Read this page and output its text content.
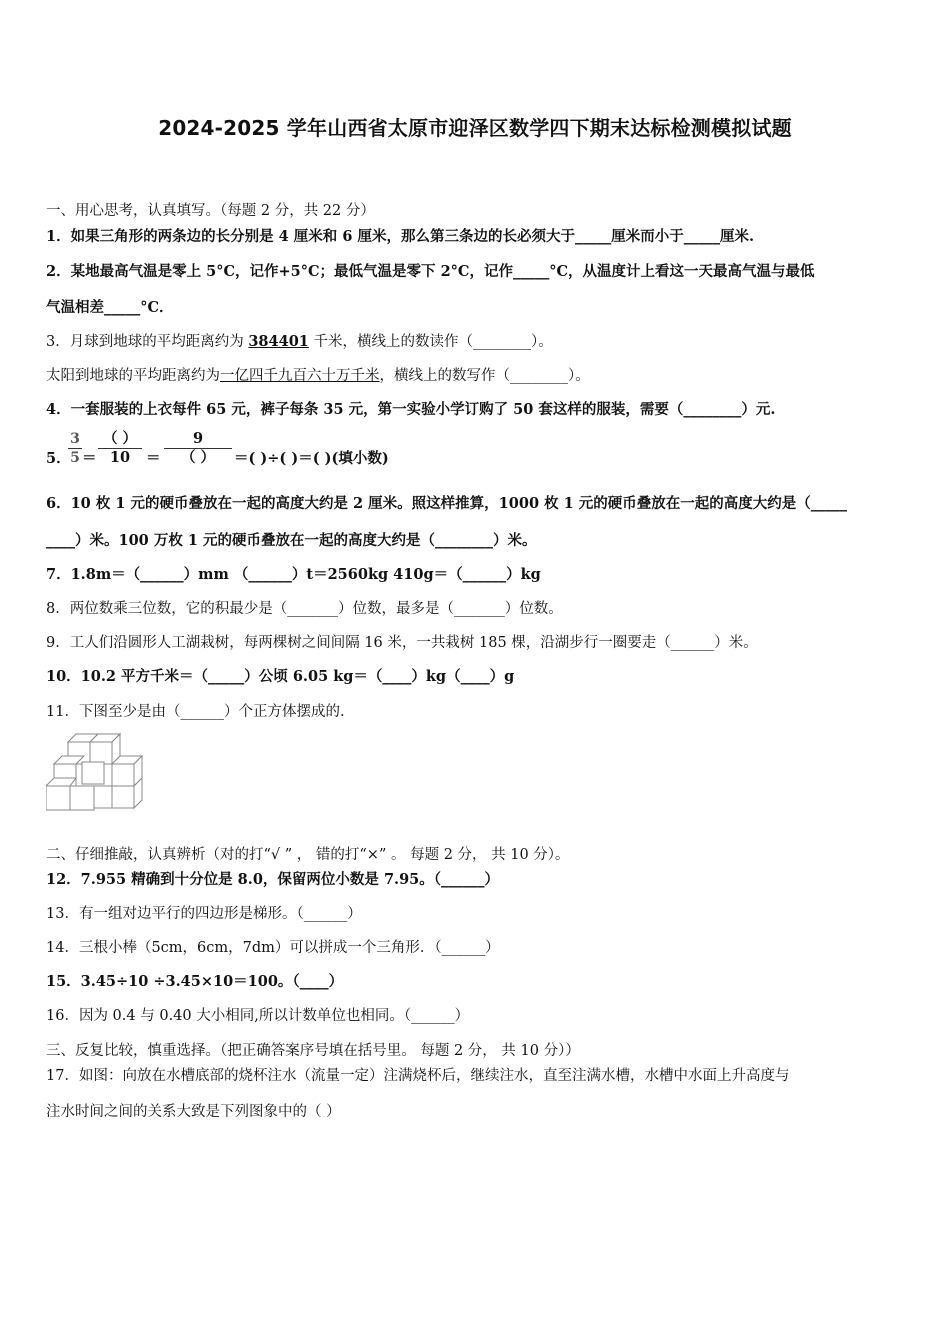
2024-2025 学年山西省太原市迎泽区数学四下期末达标检测模拟试题
一、用心思考，认真填写。（每题 2 分，共 22 分）
1．如果三角形的两条边的长分别是 4 厘米和 6 厘米，那么第三条边的长必须大于_____厘米而小于_____厘米.
2．某地最高气温是零上 5°C，记作+5°C；最低气温是零下 2°C，记作_____°C，从温度计上看这一天最高气温与最低
气温相差_____°C．
3．月球到地球的平均距离约为 384401 千米，横线上的数读作（________）。
太阳到地球的平均距离约为一亿四千九百六十万千米，横线上的数写作（________）。
4．一套服装的上衣每件 65 元，裤子每条 35 元，第一实验小学订购了 50 套这样的服装，需要（________）元.
5．
$\frac{3}{5}$ ＝
（ ）
10	＝
9
（ ）	＝( )÷( )＝( )(填小数)
6．10 枚 1 元的硬币叠放在一起的高度大约是 2 厘米。照这样推算，1000 枚 1 元的硬币叠放在一起的高度大约是（_____
____）米。100 万枚 1 元的硬币叠放在一起的高度大约是（________）米。
7．1.8m＝（______）mm （______）t＝2560kg 410g＝（______）kg
8．两位数乘三位数，它的积最少是（_______）位数，最多是（_______）位数。
9．工人们沿圆形人工湖栽树，每两棵树之间间隔 16 米，一共栽树 185 棵，沿湖步行一圈要走（______）米。
10．10.2 平方千米＝（_____）公顷 6.05 kg＝（____）kg（____）g
11．下图至少是由（______）个正方体摆成的.
二、仔细推敲，认真辨析（对的打“√ ” ， 错的打“×” 。 每题 2 分， 共 10 分）。
12．7.955 精确到十分位是 8.0，保留两位小数是 7.95。（______）
13．有一组对边平行的四边形是梯形。（______）
14．三根小棒（5cm，6cm，7dm）可以拼成一个三角形．（______）
15．3.45÷10 ÷3.45×10＝100。（____）
16．因为 0.4 与 0.40 大小相同,所以计数单位也相同。（______）
三、反复比较，慎重选择。（把正确答案序号填在括号里。 每题 2 分， 共 10 分））
17．如图：向放在水槽底部的烧杯注水（流量一定）注满烧杯后，继续注水，直至注满水槽，水槽中水面上升高度与
注水时间之间的关系大致是下列图象中的（ ）
